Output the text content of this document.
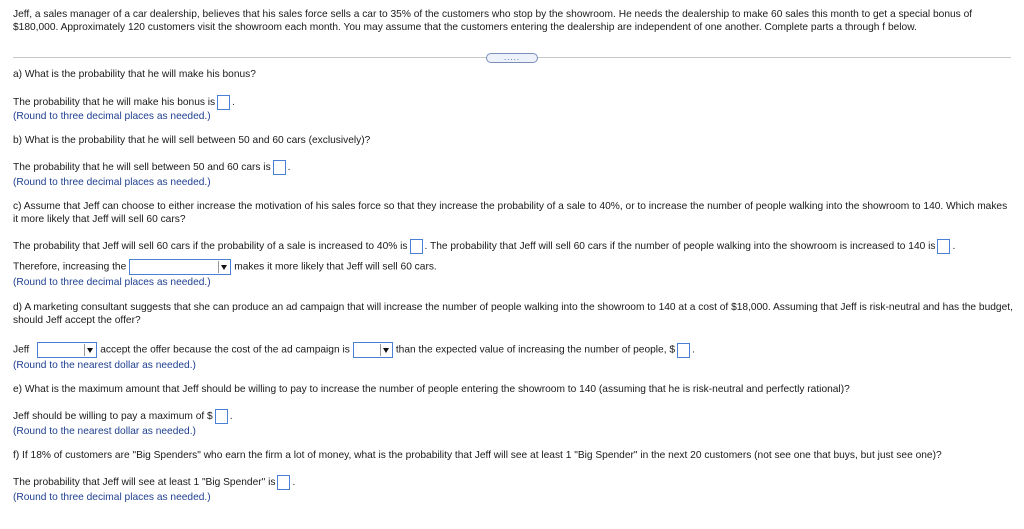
Jeff, a sales manager of a car dealership, believes that his sales force sells a car to 35% of the customers who stop by the showroom. He needs the dealership to make 60 sales this month to get a special bonus of $180,000. Approximately 120 customers visit the showroom each month. You may assume that the customers entering the dealership are independent of one another. Complete parts a through f below.
.....
a) What is the probability that he will make his bonus?
The probability that he will make his bonus is .
(Round to three decimal places as needed.)
b) What is the probability that he will sell between 50 and 60 cars (exclusively)?
The probability that he will sell between 50 and 60 cars is .
(Round to three decimal places as needed.)
c) Assume that Jeff can choose to either increase the motivation of his sales force so that they increase the probability of a sale to 40%, or to increase the number of people walking into the showroom to 140. Which makes it more likely that Jeff will sell 60 cars?
The probability that Jeff will sell 60 cars if the probability of a sale is increased to 40% is . The probability that Jeff will sell 60 cars if the number of people walking into the showroom is increased to 140 is .
Therefore, increasing the	makes it more likely that Jeff will sell 60 cars.
(Round to three decimal places as needed.)
d) A marketing consultant suggests that she can produce an ad campaign that will increase the number of people walking into the showroom to 140 at a cost of $18,000. Assuming that Jeff is risk-neutral and has the budget, should Jeff accept the offer?
Jeff	accept the offer because the cost of the ad campaign is	than the expected value of increasing the number of people, $ .
(Round to the nearest dollar as needed.)
e) What is the maximum amount that Jeff should be willing to pay to increase the number of people entering the showroom to 140 (assuming that he is risk-neutral and perfectly rational)?
Jeff should be willing to pay a maximum of $ .
(Round to the nearest dollar as needed.)
f) If 18% of customers are "Big Spenders" who earn the firm a lot of money, what is the probability that Jeff will see at least 1 "Big Spender" in the next 20 customers (not see one that buys, but just see one)?
The probability that Jeff will see at least 1 "Big Spender" is .
(Round to three decimal places as needed.)
